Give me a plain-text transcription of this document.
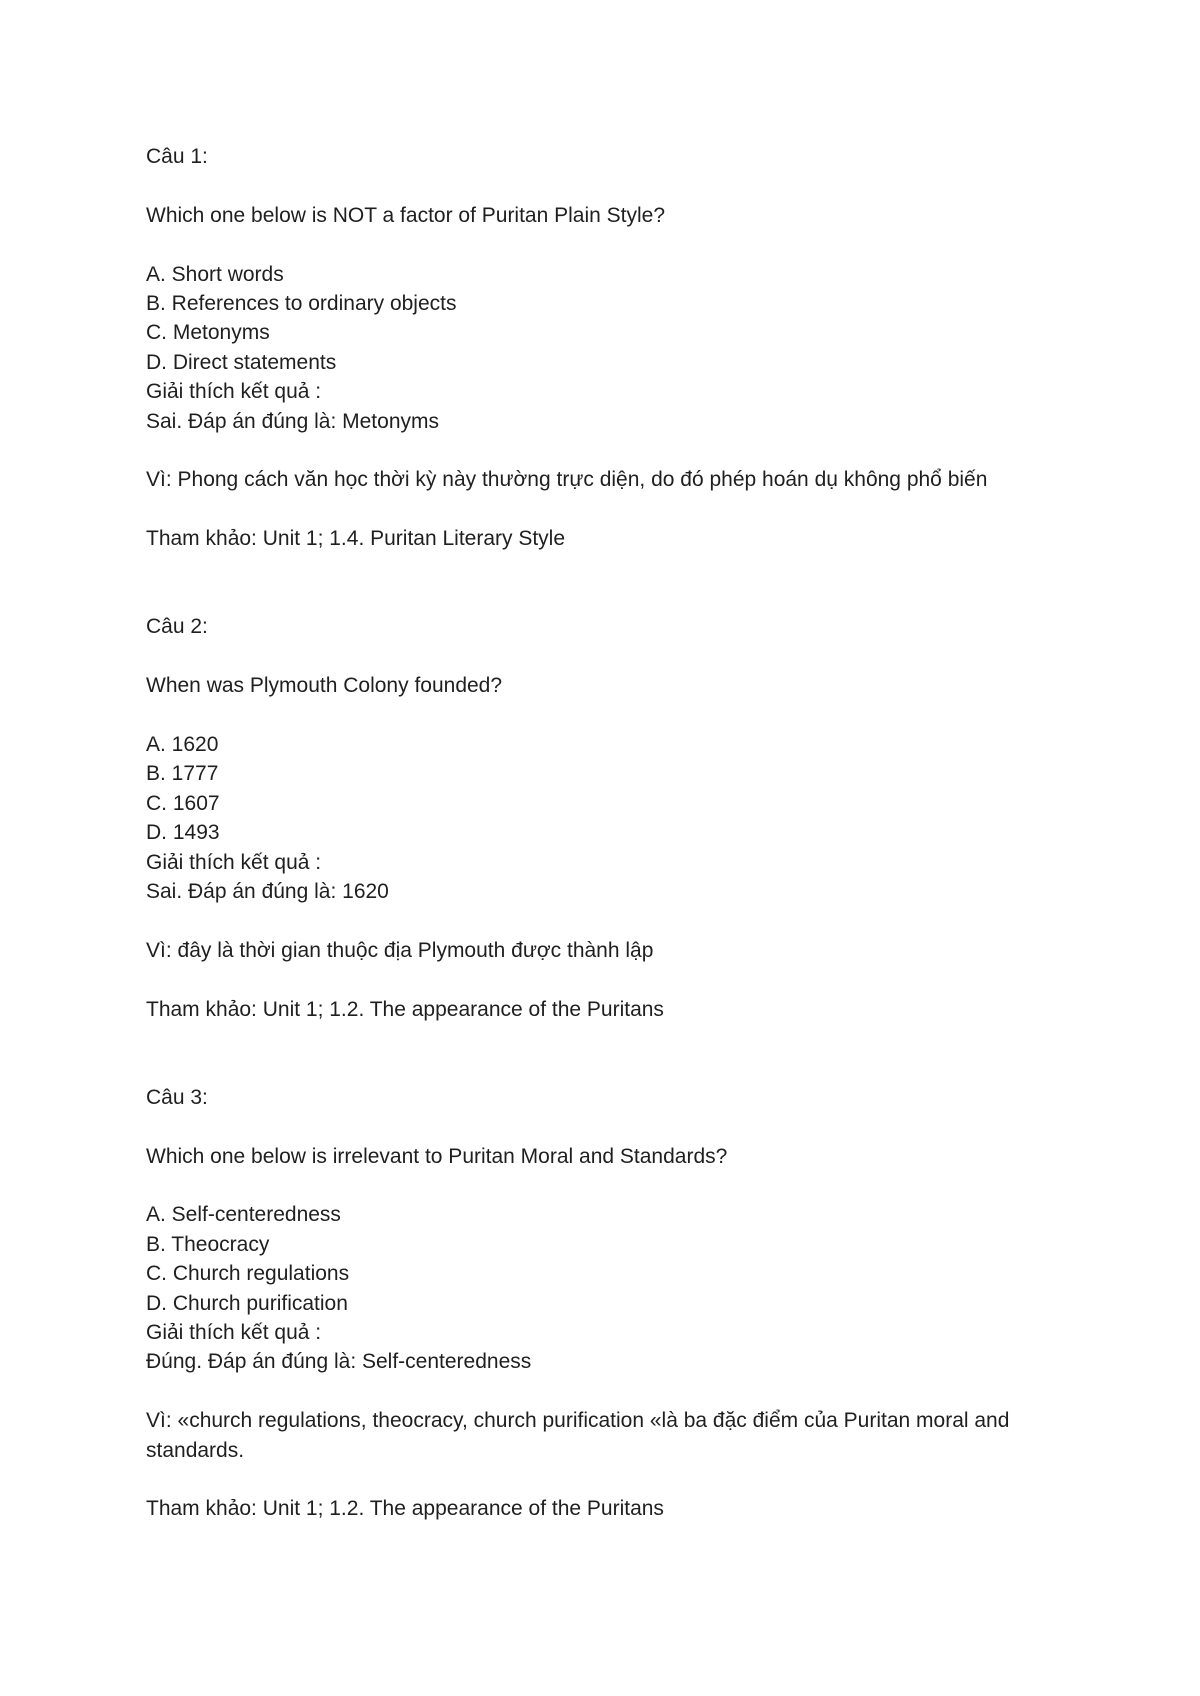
Câu 1:
Which one below is NOT a factor of Puritan Plain Style?
A. Short words
B. References to ordinary objects
C. Metonyms
D. Direct statements
Giải thích kết quả :
Sai. Đáp án đúng là: Metonyms
Vì: Phong cách văn học thời kỳ này thường trực diện, do đó phép hoán dụ không phổ biến
Tham khảo: Unit 1; 1.4. Puritan Literary Style
Câu 2:
When was Plymouth Colony founded?
A. 1620
B. 1777
C. 1607
D. 1493
Giải thích kết quả :
Sai. Đáp án đúng là: 1620
Vì: đây là thời gian thuộc địa Plymouth được thành lập
Tham khảo: Unit 1; 1.2. The appearance of the Puritans
Câu 3:
Which one below is irrelevant to Puritan Moral and Standards?
A. Self-centeredness
B. Theocracy
C. Church regulations
D. Church purification
Giải thích kết quả :
Đúng. Đáp án đúng là: Self-centeredness
Vì: «church regulations, theocracy, church purification «là ba đặc điểm của Puritan moral and standards.
Tham khảo: Unit 1; 1.2. The appearance of the Puritans
